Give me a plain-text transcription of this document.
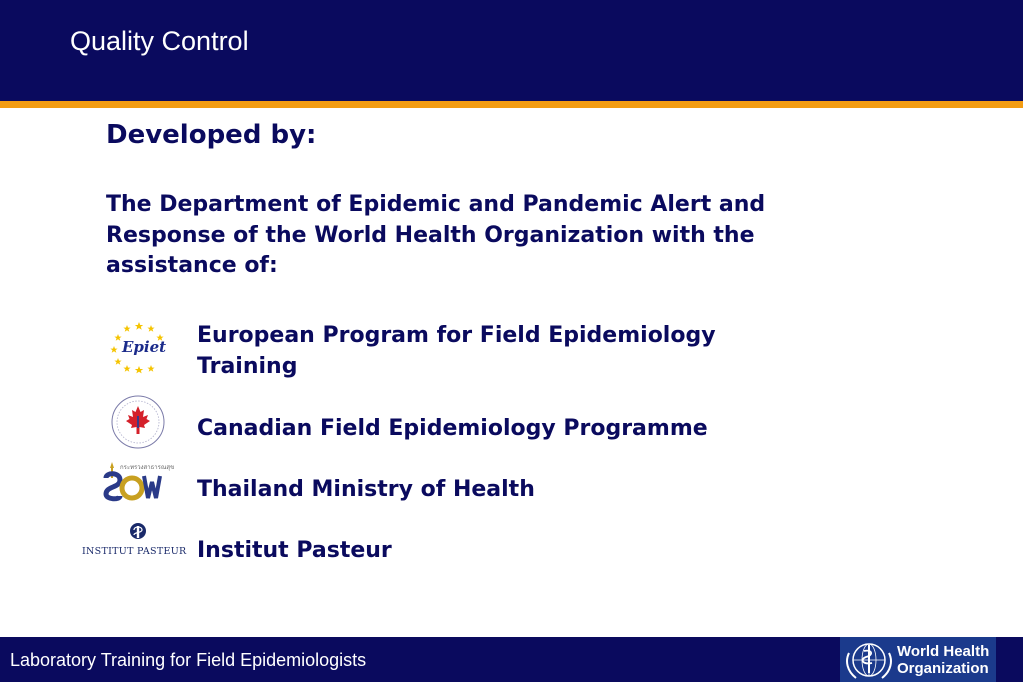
Quality Control
Developed by:
The Department of Epidemic and Pandemic Alert and Response of the World Health Organization with the assistance of:
Epiet European Program for Field Epidemiology
Training
Canadian Field Epidemiology Programme
กระทรวงสาธารณสุข
Thailand Ministry of Health
INSTITUT PASTEUR Institut Pasteur
Laboratory Training for Field Epidemiologists	World Health
Organization
